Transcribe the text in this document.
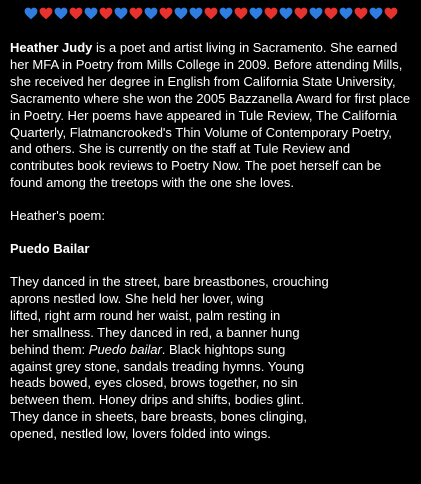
Heather Judy is a poet and artist living in Sacramento. She earned her MFA in Poetry from Mills College in 2009. Before attending Mills, she received her degree in English from California State University, Sacramento where she won the 2005 Bazzanella Award for first place in Poetry. Her poems have appeared in Tule Review, The California Quarterly, Flatmancrooked's Thin Volume of Contemporary Poetry, and others. She is currently on the staff at Tule Review and contributes book reviews to Poetry Now. The poet herself can be found among the treetops with the one she loves.

Heather's poem:

Puedo Bailar

They danced in the street, bare breastbones, crouching
aprons nestled low. She held her lover, wing
lifted, right arm round her waist, palm resting in
her smallness. They danced in red, a banner hung
behind them: Puedo bailar. Black hightops sung
against grey stone, sandals treading hymns. Young
heads bowed, eyes closed, brows together, no sin
between them. Honey drips and shifts, bodies glint.
They dance in sheets, bare breasts, bones clinging,
opened, nestled low, lovers folded into wings.
